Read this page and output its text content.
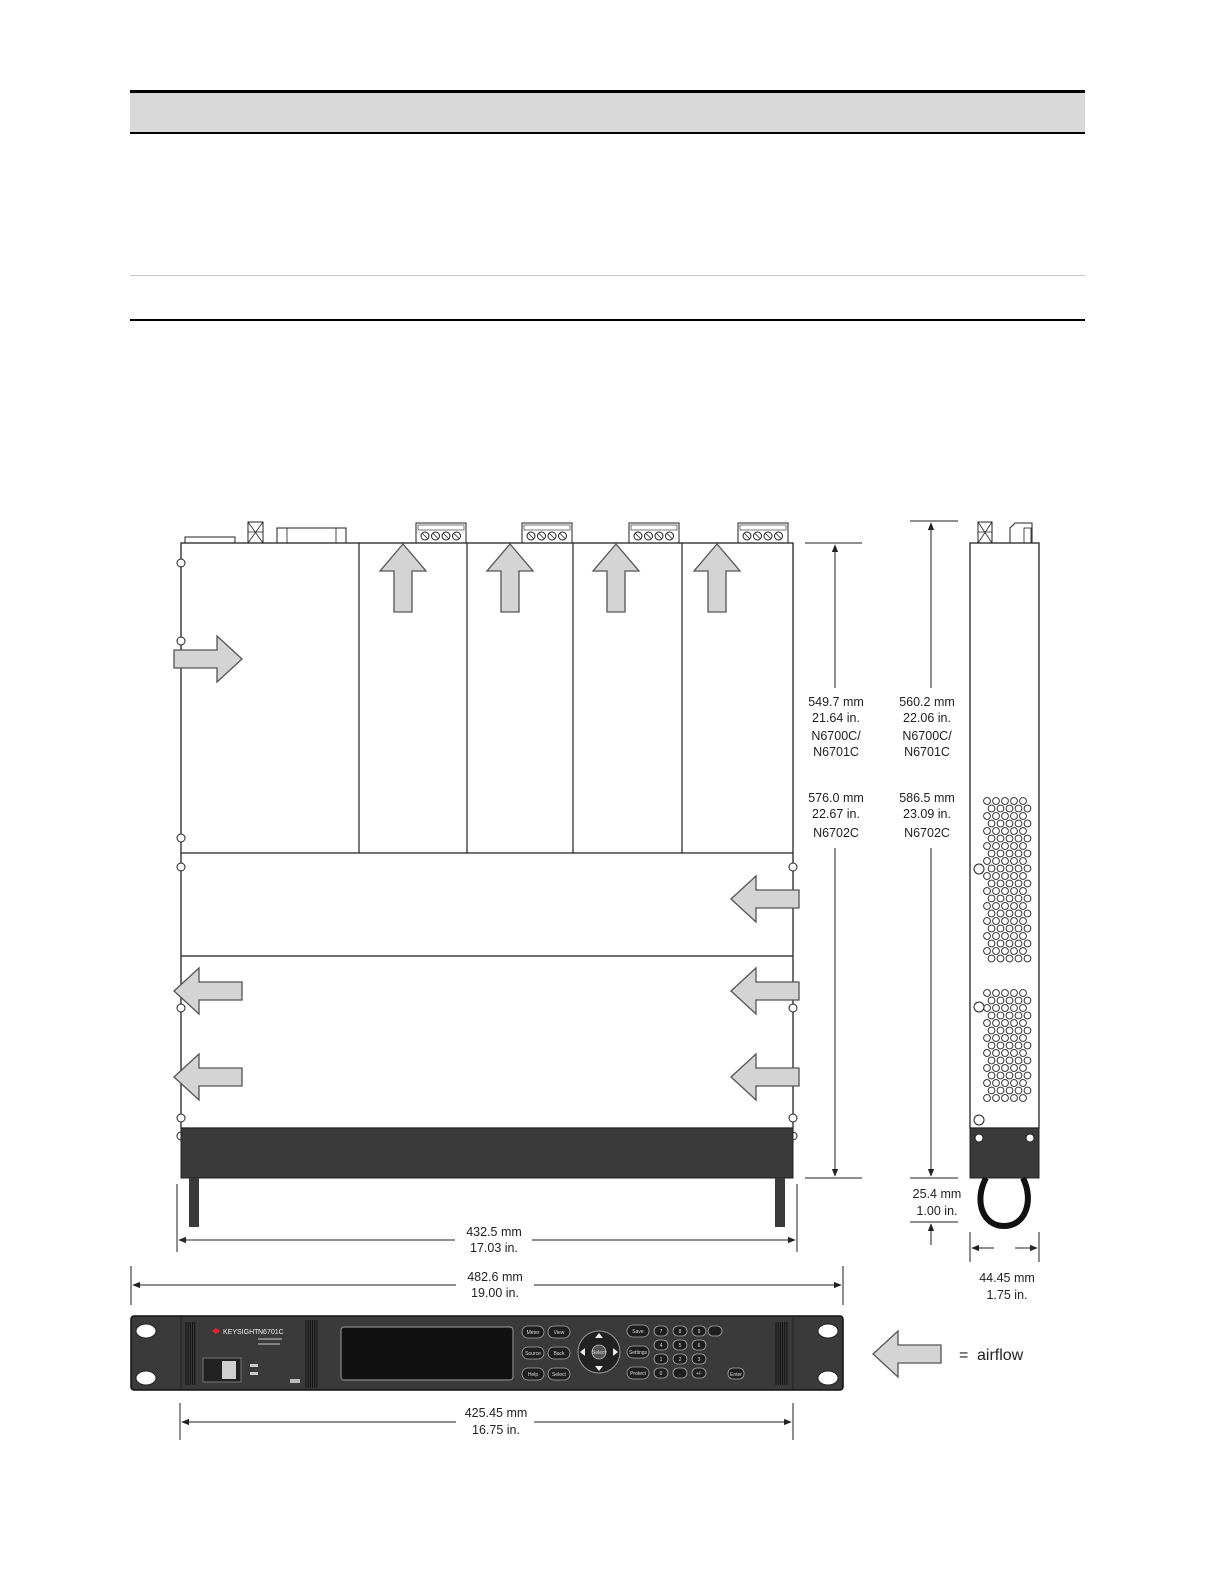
549.7 mm
21.64 in.
N6700C/
N6701C
576.0 mm
22.67 in.
N6702C
560.2 mm
22.06 in.
N6700C/
N6701C
586.5 mm
23.09 in.
N6702C
25.4 mm
1.00 in.
44.45 mm
1.75 in.
432.5 mm
17.03 in.
482.6 mm
19.00 in.
KEYSIGHT N6701C	Meter	View
Source	Back
Help	Select
Select
Save
Settings
Protect
7	8	9
4	5	6
1	2	3
0	.	+/-	Enter
425.45 mm
16.75 in.
= airflow
